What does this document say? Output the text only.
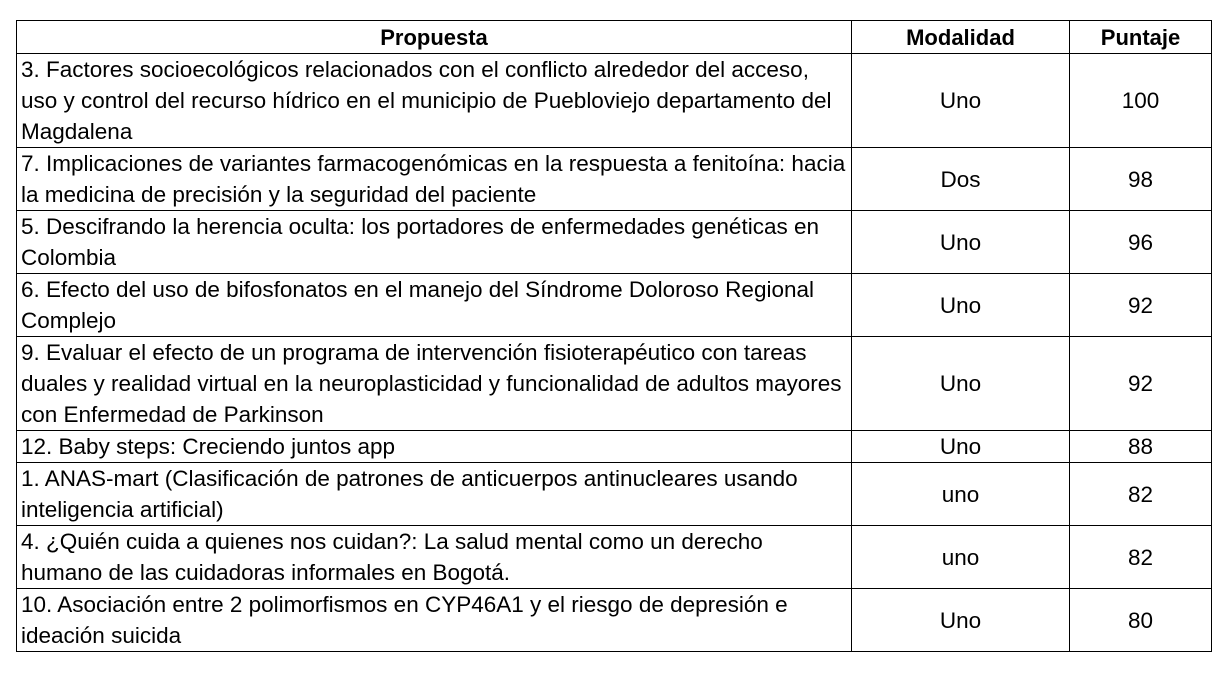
Propuesta	Modalidad	Puntaje
3. Factores socioecológicos relacionados con el conflicto alrededor del acceso, uso y control del recurso hídrico en el municipio de Puebloviejo departamento del Magdalena	Uno	100
7. Implicaciones de variantes farmacogenómicas en la respuesta a fenitoína: hacia la medicina de precisión y la seguridad del paciente	Dos	98
5. Descifrando la herencia oculta: los portadores de enfermedades genéticas en Colombia	Uno	96
6. Efecto del uso de bifosfonatos en el manejo del Síndrome Doloroso Regional Complejo	Uno	92
9. Evaluar el efecto de un programa de intervención fisioterapéutico con tareas duales y realidad virtual en la neuroplasticidad y funcionalidad de adultos mayores con Enfermedad de Parkinson	Uno	92
12. Baby steps: Creciendo juntos app	Uno	88
1. ANAS-mart (Clasificación de patrones de anticuerpos antinucleares usando inteligencia artificial)	uno	82
4. ¿Quién cuida a quienes nos cuidan?: La salud mental como un derecho humano de las cuidadoras informales en Bogotá.	uno	82
10. Asociación entre 2 polimorfismos en CYP46A1 y el riesgo de depresión e ideación suicida	Uno	80
